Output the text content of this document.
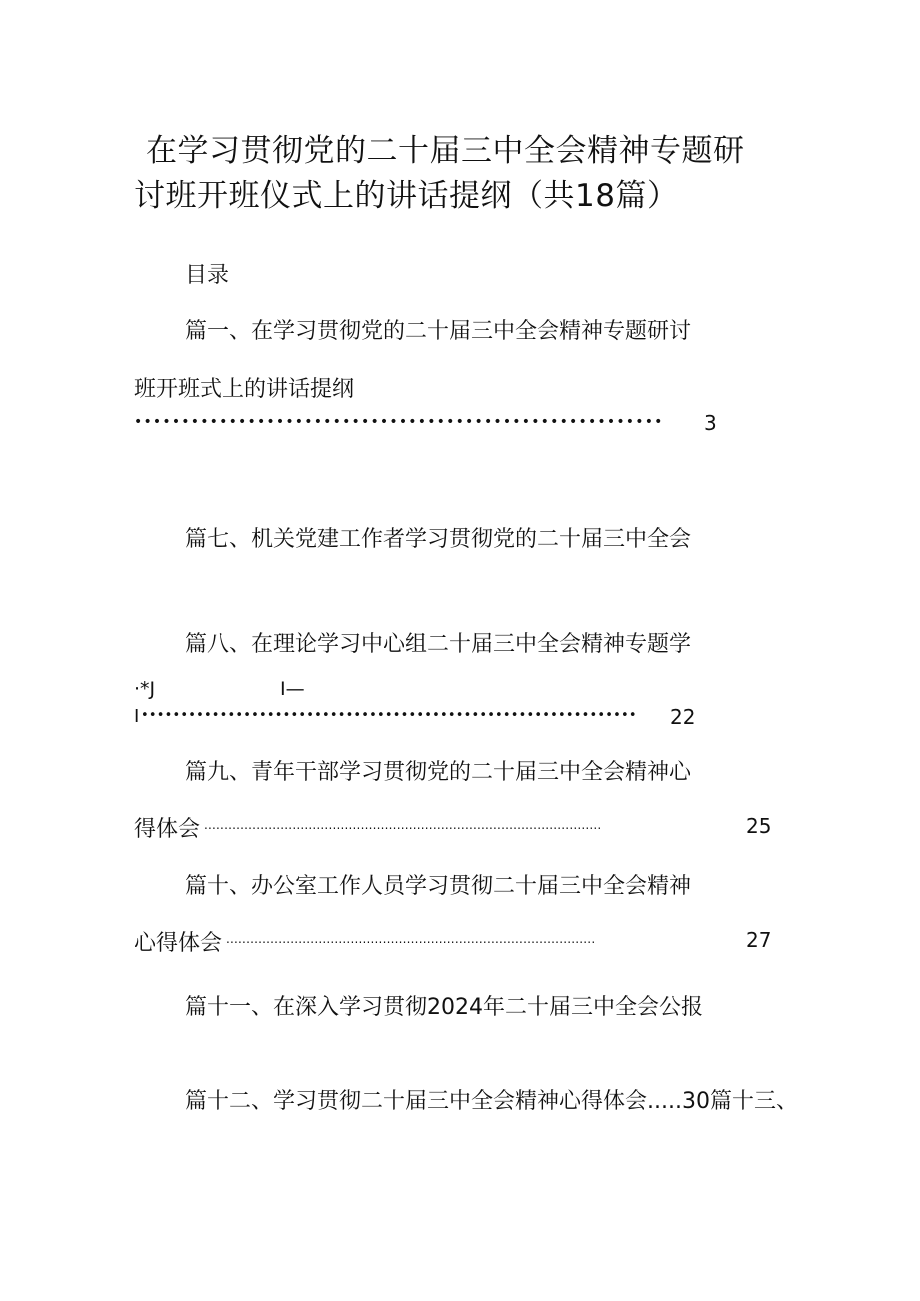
在学习贯彻党的二十届三中全会精神专题研
讨班开班仪式上的讲话提纲（共18篇）
目录
篇一、在学习贯彻党的二十届三中全会精神专题研讨
班开班式上的讲话提纲
•••••••••••••••••••••••••••••••••••••••••••••••••••••••• 3
篇七、机关党建工作者学习贯彻党的二十届三中全会
篇八、在理论学习中心组二十届三中全会精神专题学
·*J	I—
I ••••••••••••••••••••••••••••••••••••••••••••••••••••••••••••••• 22
篇九、青年干部学习贯彻党的二十届三中全会精神心
得体会 ...................................................................................................	25
篇十、办公室工作人员学习贯彻二十届三中全会精神
心得体会 ............................................................................................	27
篇十一、在深入学习贯彻2024年二十届三中全会公报
篇十二、学习贯彻二十届三中全会精神心得体会.....30篇十三、
